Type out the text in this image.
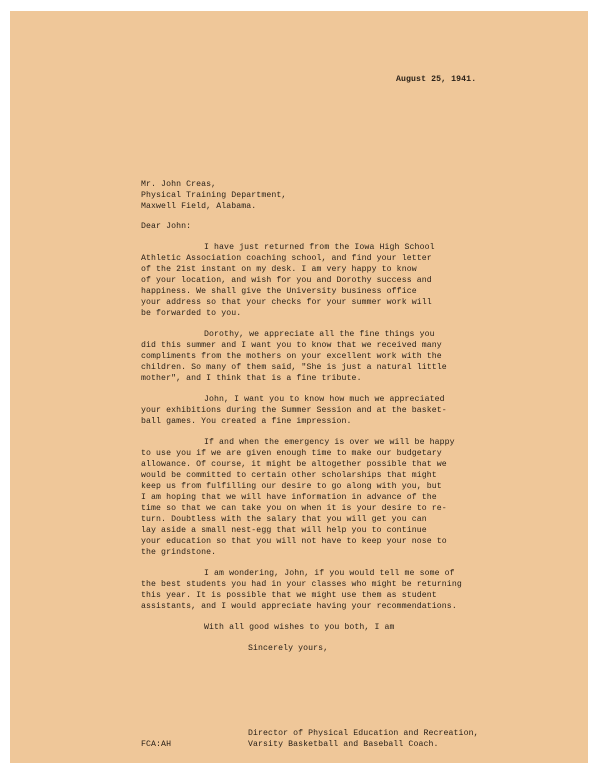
August 25, 1941.
Mr. John Creas,
Physical Training Department,
Maxwell Field, Alabama.
Dear John:
I have just returned from the Iowa High School
Athletic Association coaching school, and find your letter
of the 21st instant on my desk. I am very happy to know
of your location, and wish for you and Dorothy success and
happiness. We shall give the University business office
your address so that your checks for your summer work will
be forwarded to you.
Dorothy, we appreciate all the fine things you
did this summer and I want you to know that we received many
compliments from the mothers on your excellent work with the
children. So many of them said, "She is just a natural little
mother", and I think that is a fine tribute.
John, I want you to know how much we appreciated
your exhibitions during the Summer Session and at the basket-
ball games. You created a fine impression.
If and when the emergency is over we will be happy
to use you if we are given enough time to make our budgetary
allowance. Of course, it might be altogether possible that we
would be committed to certain other scholarships that might
keep us from fulfilling our desire to go along with you, but
I am hoping that we will have information in advance of the
time so that we can take you on when it is your desire to re-
turn. Doubtless with the salary that you will get you can
lay aside a small nest-egg that will help you to continue
your education so that you will not have to keep your nose to
the grindstone.
I am wondering, John, if you would tell me some of
the best students you had in your classes who might be returning
this year. It is possible that we might use them as student
assistants, and I would appreciate having your recommendations.
With all good wishes to you both, I am
Sincerely yours,
Director of Physical Education and Recreation,
Varsity Basketball and Baseball Coach.
FCA:AH
